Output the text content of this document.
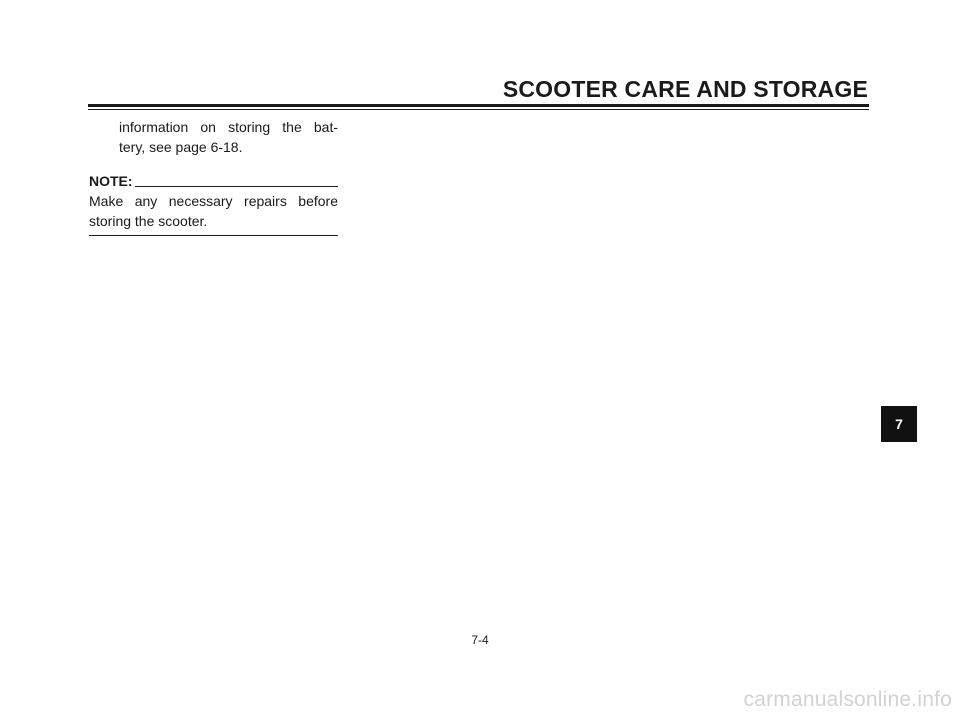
SCOOTER CARE AND STORAGE
information on storing the bat-
tery, see page 6-18.
NOTE:
Make any necessary repairs before
storing the scooter.
7-4
7
carmanualsonline.info
